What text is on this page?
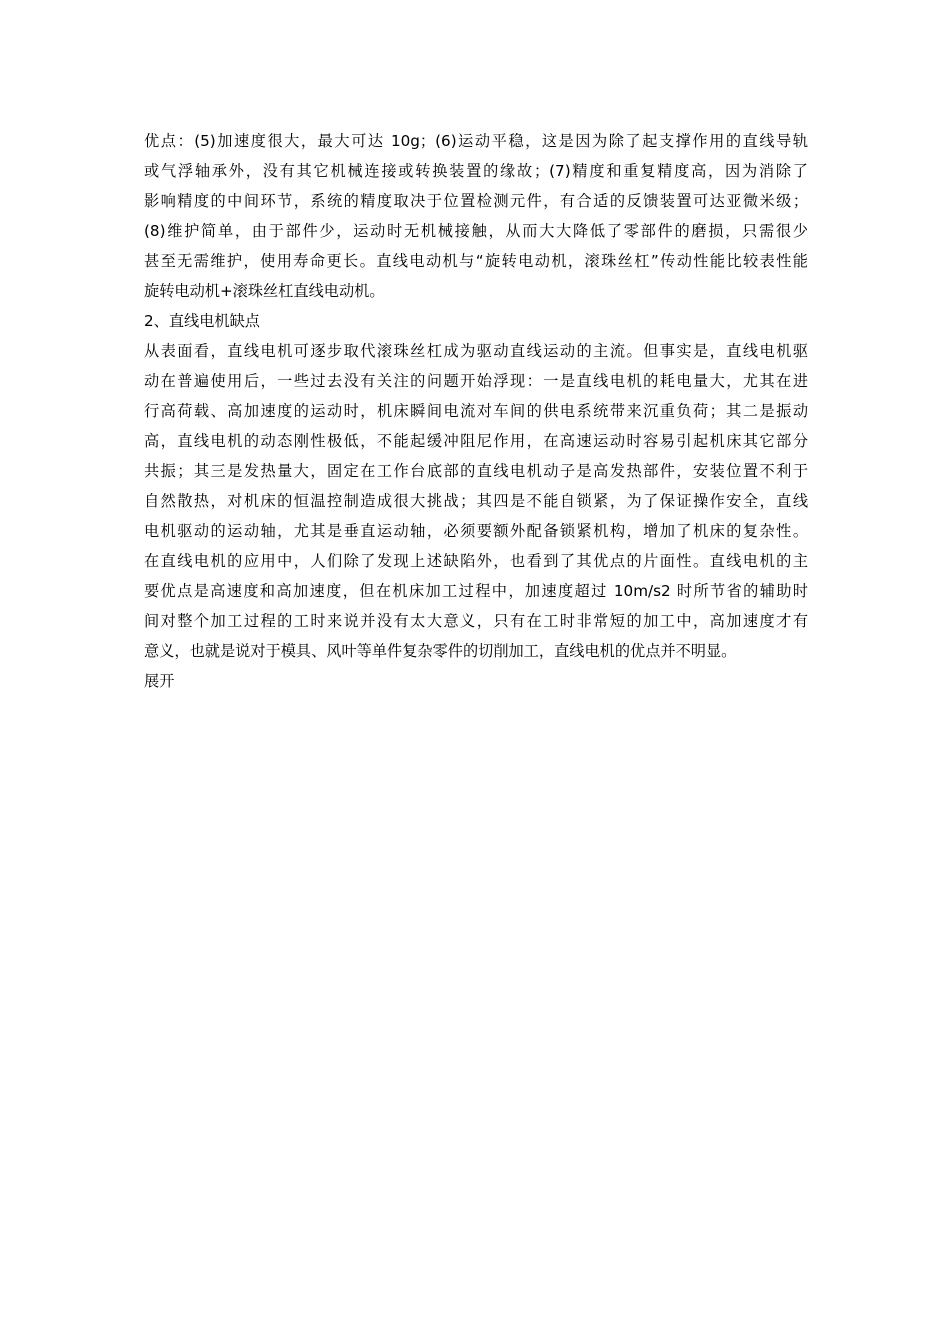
优点：(5)加速度很大，最大可达 10g；(6)运动平稳，这是因为除了起支撑作用的直线导轨
或气浮轴承外，没有其它机械连接或转换装置的缘故；(7)精度和重复精度高，因为消除了
影响精度的中间环节，系统的精度取决于位置检测元件，有合适的反馈装置可达亚微米级；
(8)维护简单，由于部件少，运动时无机械接触，从而大大降低了零部件的磨损，只需很少
甚至无需维护，使用寿命更长。直线电动机与“旋转电动机，滚珠丝杠”传动性能比较表性能
旋转电动机+滚珠丝杠直线电动机。
2、直线电机缺点
从表面看，直线电机可逐步取代滚珠丝杠成为驱动直线运动的主流。但事实是，直线电机驱
动在普遍使用后，一些过去没有关注的问题开始浮现：一是直线电机的耗电量大，尤其在进
行高荷载、高加速度的运动时，机床瞬间电流对车间的供电系统带来沉重负荷；其二是振动
高，直线电机的动态刚性极低，不能起缓冲阻尼作用，在高速运动时容易引起机床其它部分
共振；其三是发热量大，固定在工作台底部的直线电机动子是高发热部件，安装位置不利于
自然散热，对机床的恒温控制造成很大挑战；其四是不能自锁紧，为了保证操作安全，直线
电机驱动的运动轴，尤其是垂直运动轴，必须要额外配备锁紧机构，增加了机床的复杂性。
在直线电机的应用中，人们除了发现上述缺陷外，也看到了其优点的片面性。直线电机的主
要优点是高速度和高加速度，但在机床加工过程中，加速度超过 10m/s2 时所节省的辅助时
间对整个加工过程的工时来说并没有太大意义，只有在工时非常短的加工中，高加速度才有
意义，也就是说对于模具、风叶等单件复杂零件的切削加工，直线电机的优点并不明显。
展开
